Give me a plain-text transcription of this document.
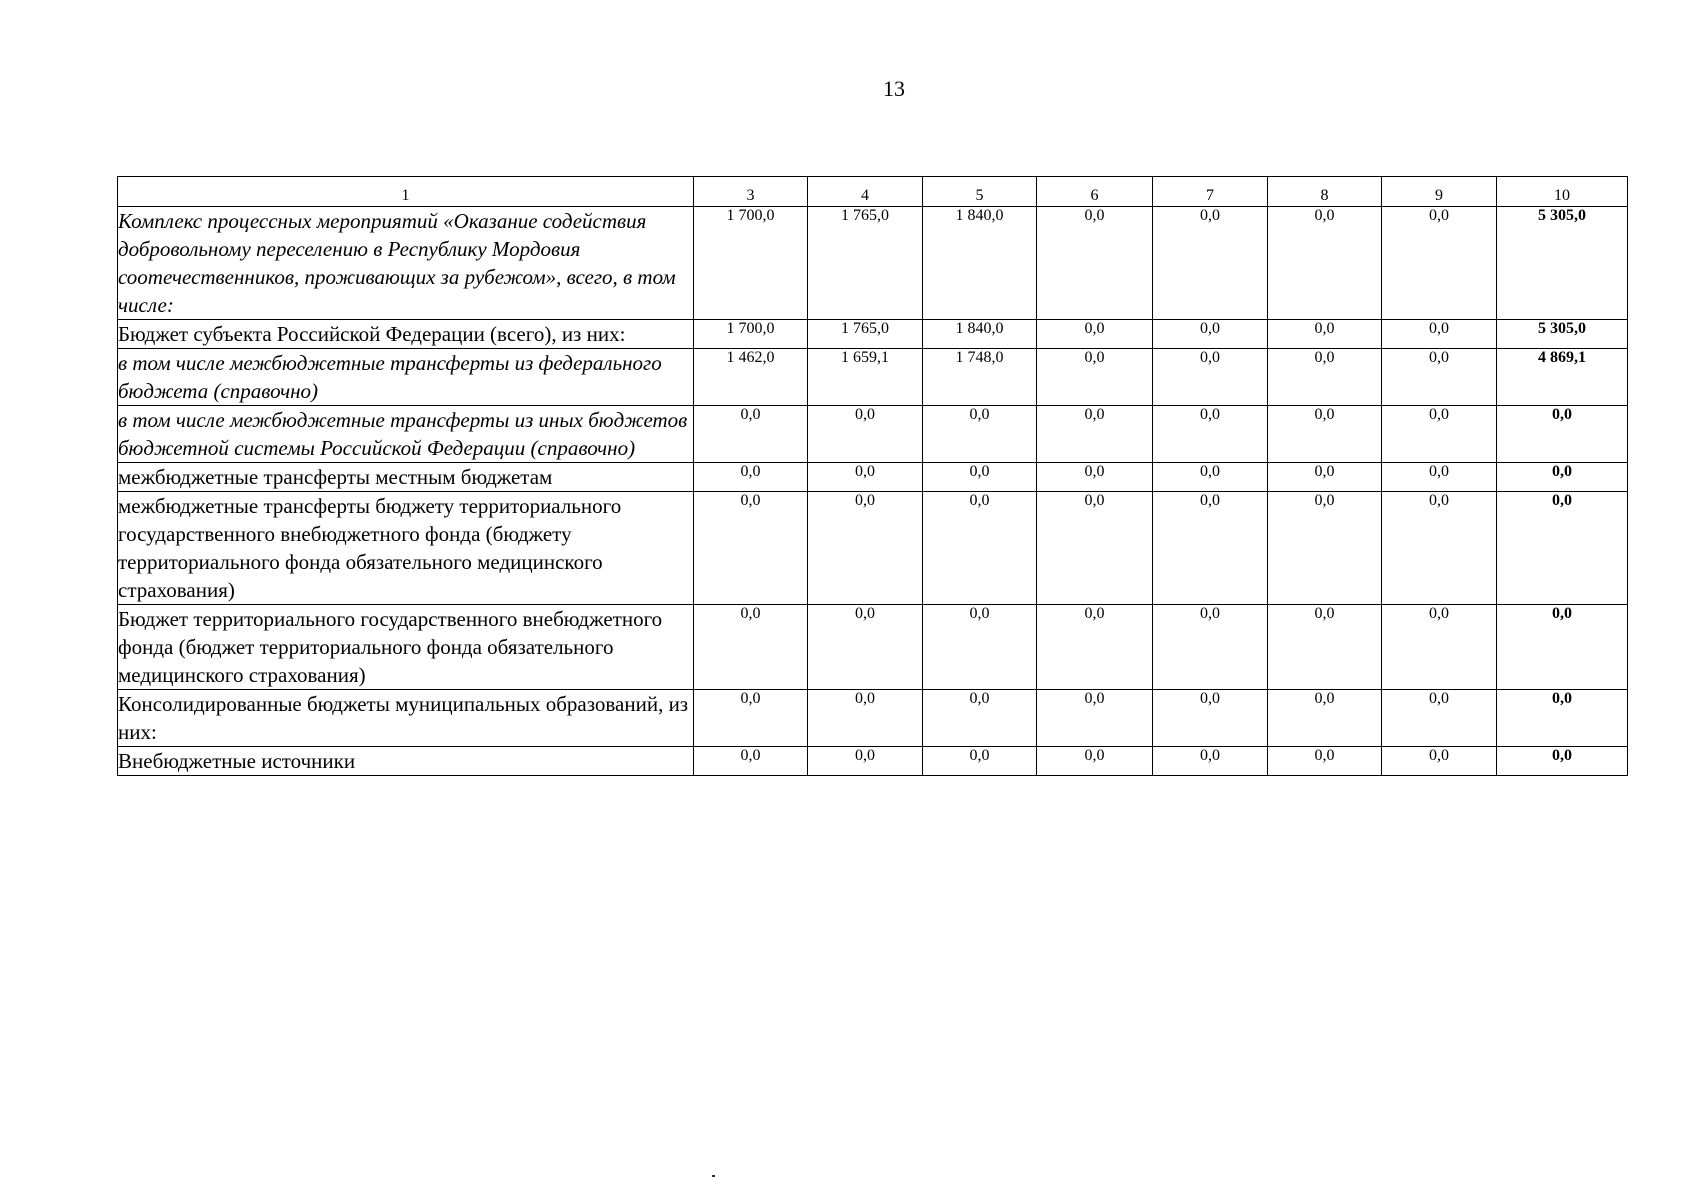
13
1	3	4	5	6	7	8	9	10
Комплекс процессных мероприятий «Оказание содействия добровольному переселению в Республику Мордовия соотечественников, проживающих за рубежом», всего, в том числе:	1 700,0	1 765,0	1 840,0	0,0	0,0	0,0	0,0	5 305,0
Бюджет субъекта Российской Федерации (всего), из них:	1 700,0	1 765,0	1 840,0	0,0	0,0	0,0	0,0	5 305,0
в том числе межбюджетные трансферты из федерального бюджета (справочно)	1 462,0	1 659,1	1 748,0	0,0	0,0	0,0	0,0	4 869,1
в том числе межбюджетные трансферты из иных бюджетов бюджетной системы Российской Федерации (справочно)	0,0	0,0	0,0	0,0	0,0	0,0	0,0	0,0
межбюджетные трансферты местным бюджетам	0,0	0,0	0,0	0,0	0,0	0,0	0,0	0,0
межбюджетные трансферты бюджету территориального государственного внебюджетного фонда (бюджету территориального фонда обязательного медицинского страхования)	0,0	0,0	0,0	0,0	0,0	0,0	0,0	0,0
Бюджет территориального государственного внебюджетного фонда (бюджет территориального фонда обязательного медицинского страхования)	0,0	0,0	0,0	0,0	0,0	0,0	0,0	0,0
Консолидированные бюджеты муниципальных образований, из них:	0,0	0,0	0,0	0,0	0,0	0,0	0,0	0,0
Внебюджетные источники	0,0	0,0	0,0	0,0	0,0	0,0	0,0	0,0
